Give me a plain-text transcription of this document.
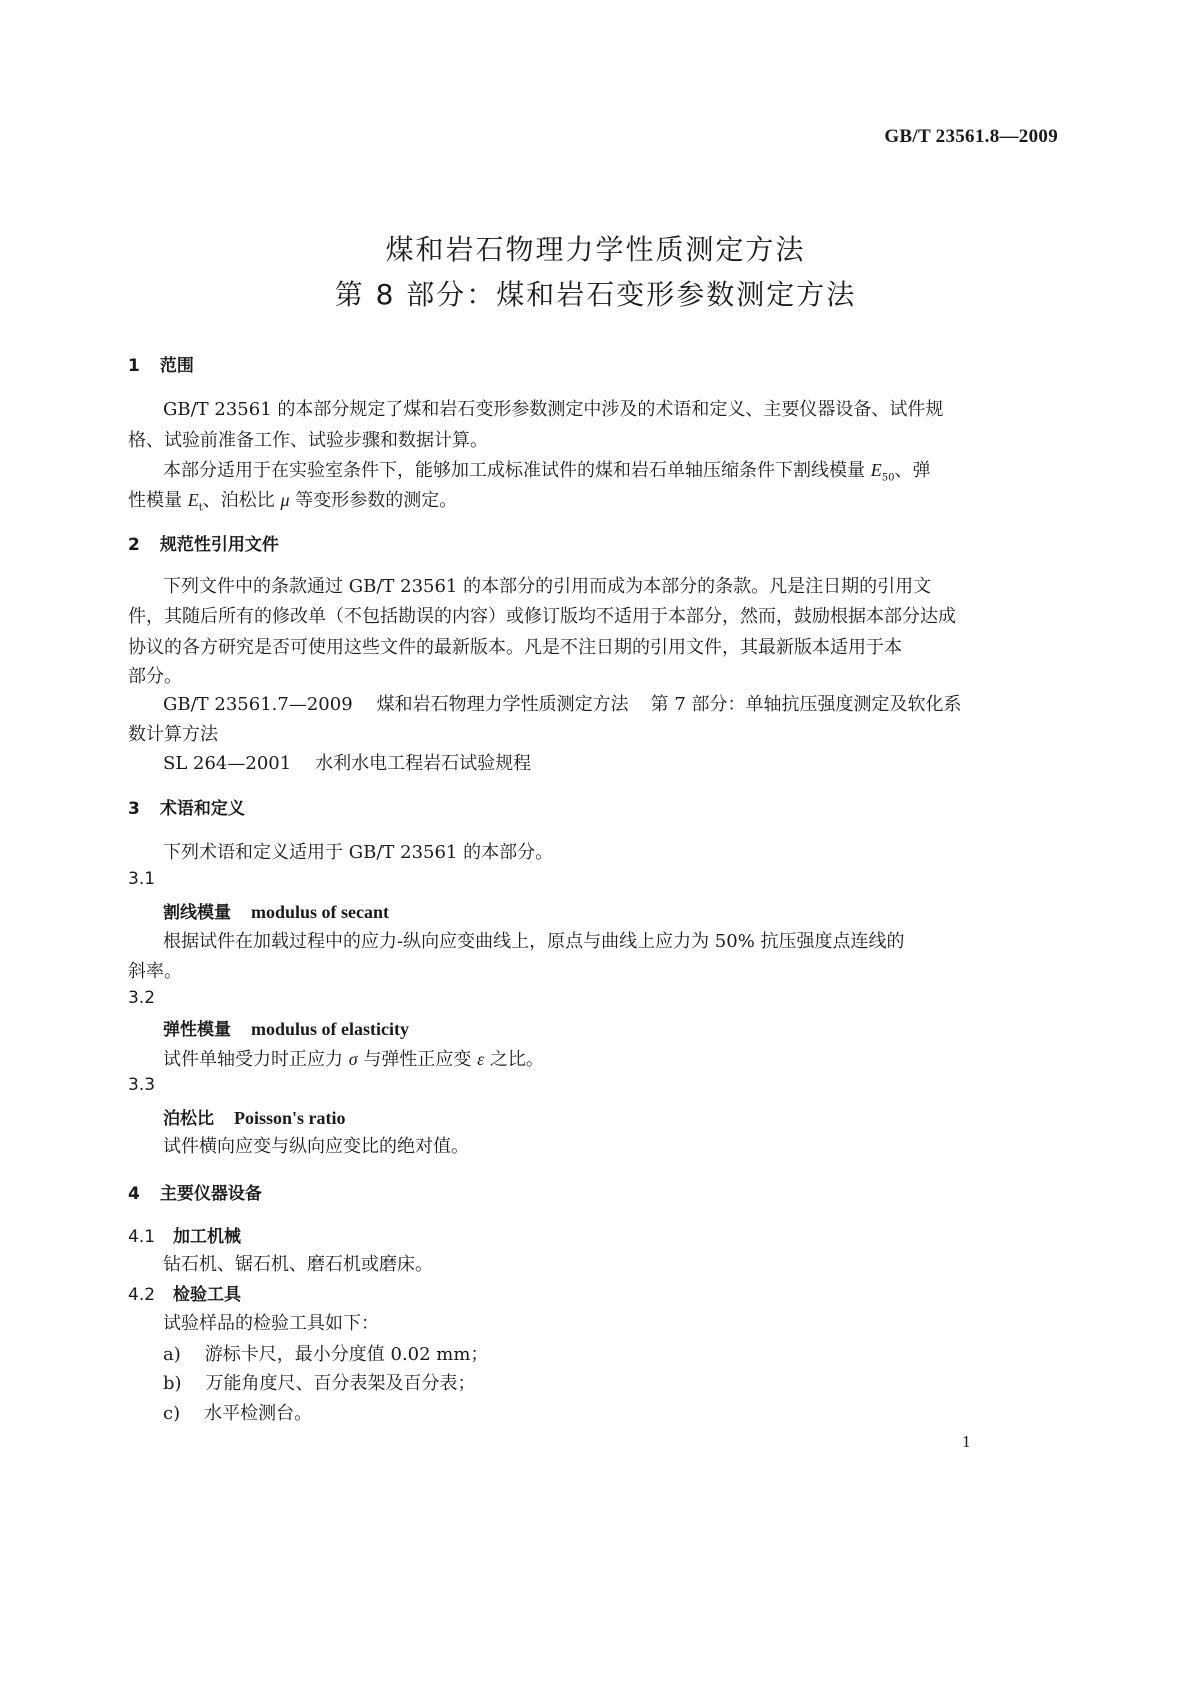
GB/T 23561.8—2009
煤和岩石物理力学性质测定方法
第 8 部分：煤和岩石变形参数测定方法
1 范围
GB/T 23561 的本部分规定了煤和岩石变形参数测定中涉及的术语和定义、主要仪器设备、试件规
格、试验前准备工作、试验步骤和数据计算。
本部分适用于在实验室条件下，能够加工成标准试件的煤和岩石单轴压缩条件下割线模量 $E_{50}$、弹
性模量 $E_t$、泊松比 μ 等变形参数的测定。
2 规范性引用文件
下列文件中的条款通过 GB/T 23561 的本部分的引用而成为本部分的条款。凡是注日期的引用文
件，其随后所有的修改单（不包括勘误的内容）或修订版均不适用于本部分，然而，鼓励根据本部分达成
协议的各方研究是否可使用这些文件的最新版本。凡是不注日期的引用文件，其最新版本适用于本
部分。
GB/T 23561.7—2009 煤和岩石物理力学性质测定方法 第 7 部分：单轴抗压强度测定及软化系
数计算方法
SL 264—2001 水利水电工程岩石试验规程
3 术语和定义
下列术语和定义适用于 GB/T 23561 的本部分。
3.1
割线模量 modulus of secant
根据试件在加载过程中的应力-纵向应变曲线上，原点与曲线上应力为 50% 抗压强度点连线的
斜率。
3.2
弹性模量 modulus of elasticity
试件单轴受力时正应力 σ 与弹性正应变 ε 之比。
3.3
泊松比 Poisson's ratio
试件横向应变与纵向应变比的绝对值。
4 主要仪器设备
4.1 加工机械
钻石机、锯石机、磨石机或磨床。
4.2 检验工具
试验样品的检验工具如下：
a) 游标卡尺，最小分度值 0.02 mm；
b) 万能角度尺、百分表架及百分表；
c) 水平检测台。
1
